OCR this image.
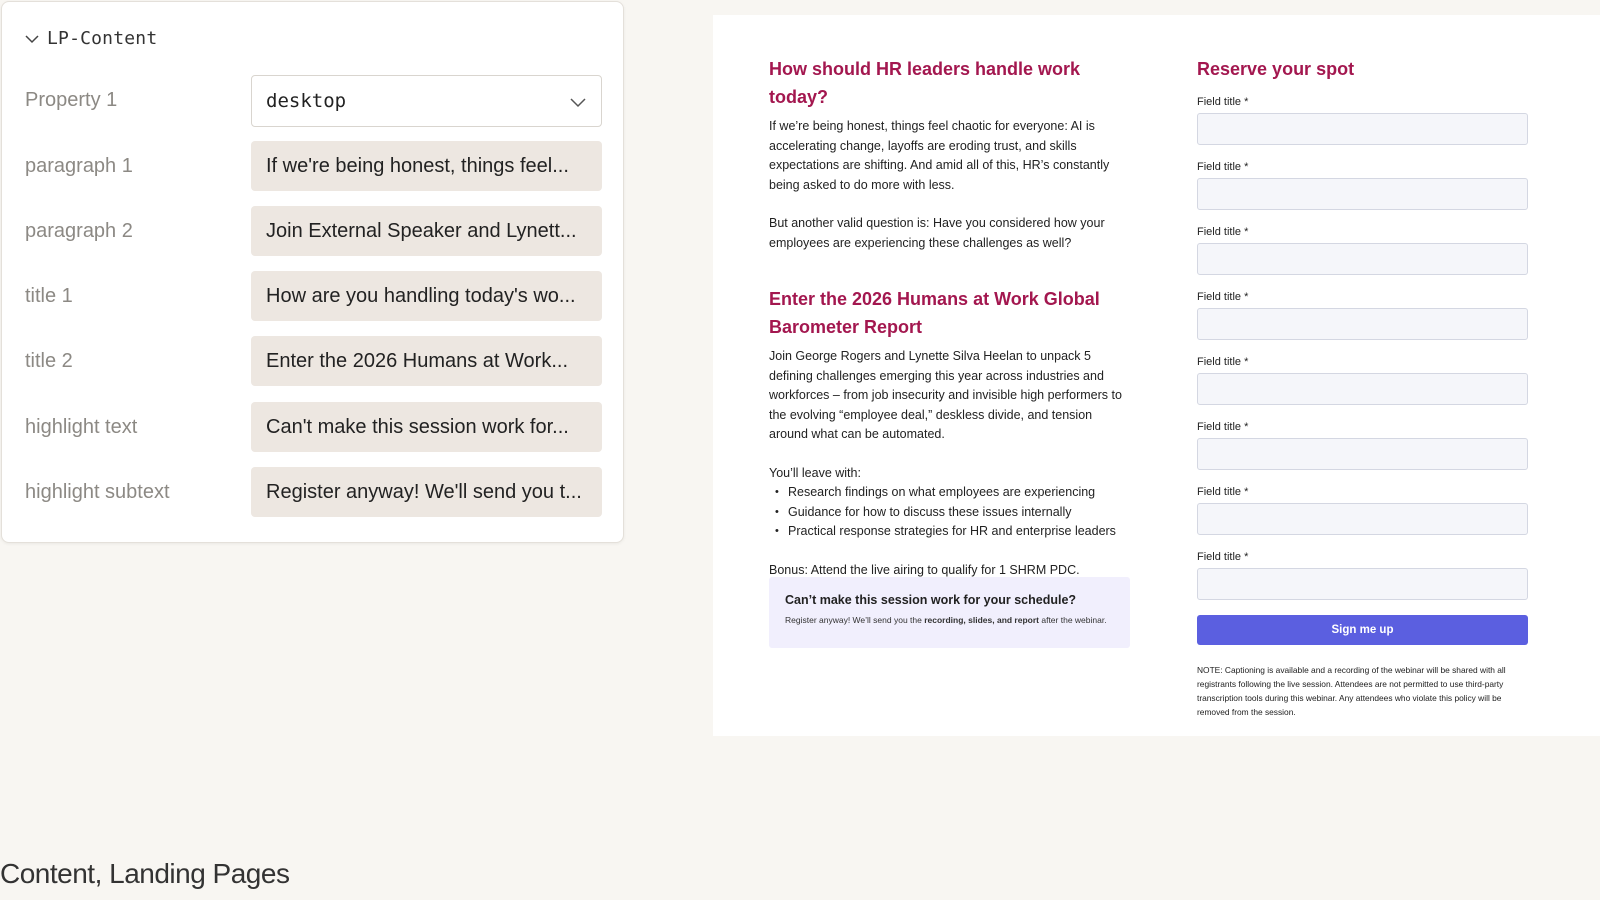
LP-Content
Property 1	desktop
paragraph 1	If we're being honest, things feel...
paragraph 2	Join External Speaker and Lynett...
title 1	How are you handling today's wo...
title 2	Enter the 2026 Humans at Work...
highlight text	Can't make this session work for...
highlight subtext	Register anyway! We'll send you t...
How should HR leaders handle work today?
If we’re being honest, things feel chaotic for everyone: AI is accelerating change, layoffs are eroding trust, and skills expectations are shifting. And amid all of this, HR’s constantly being asked to do more with less.
But another valid question is: Have you considered how your employees are experiencing these challenges as well?
Enter the 2026 Humans at Work Global Barometer Report
Join George Rogers and Lynette Silva Heelan to unpack 5 defining challenges emerging this year across industries and workforces – from job insecurity and invisible high performers to the evolving “employee deal,” deskless divide, and tension around what can be automated.
You’ll leave with:
• Research findings on what employees are experiencing
• Guidance for how to discuss these issues internally
• Practical response strategies for HR and enterprise leaders
Bonus: Attend the live airing to qualify for 1 SHRM PDC.
Can’t make this session work for your schedule?
Register anyway! We’ll send you the recording, slides, and report after the webinar.
Reserve your spot
Field title *
Field title *
Field title *
Field title *
Field title *
Field title *
Field title *
Field title *
Sign me up
NOTE: Captioning is available and a recording of the webinar will be shared with all registrants following the live session. Attendees are not permitted to use third-party transcription tools during this webinar. Any attendees who violate this policy will be removed from the session.
Content, Landing Pages
